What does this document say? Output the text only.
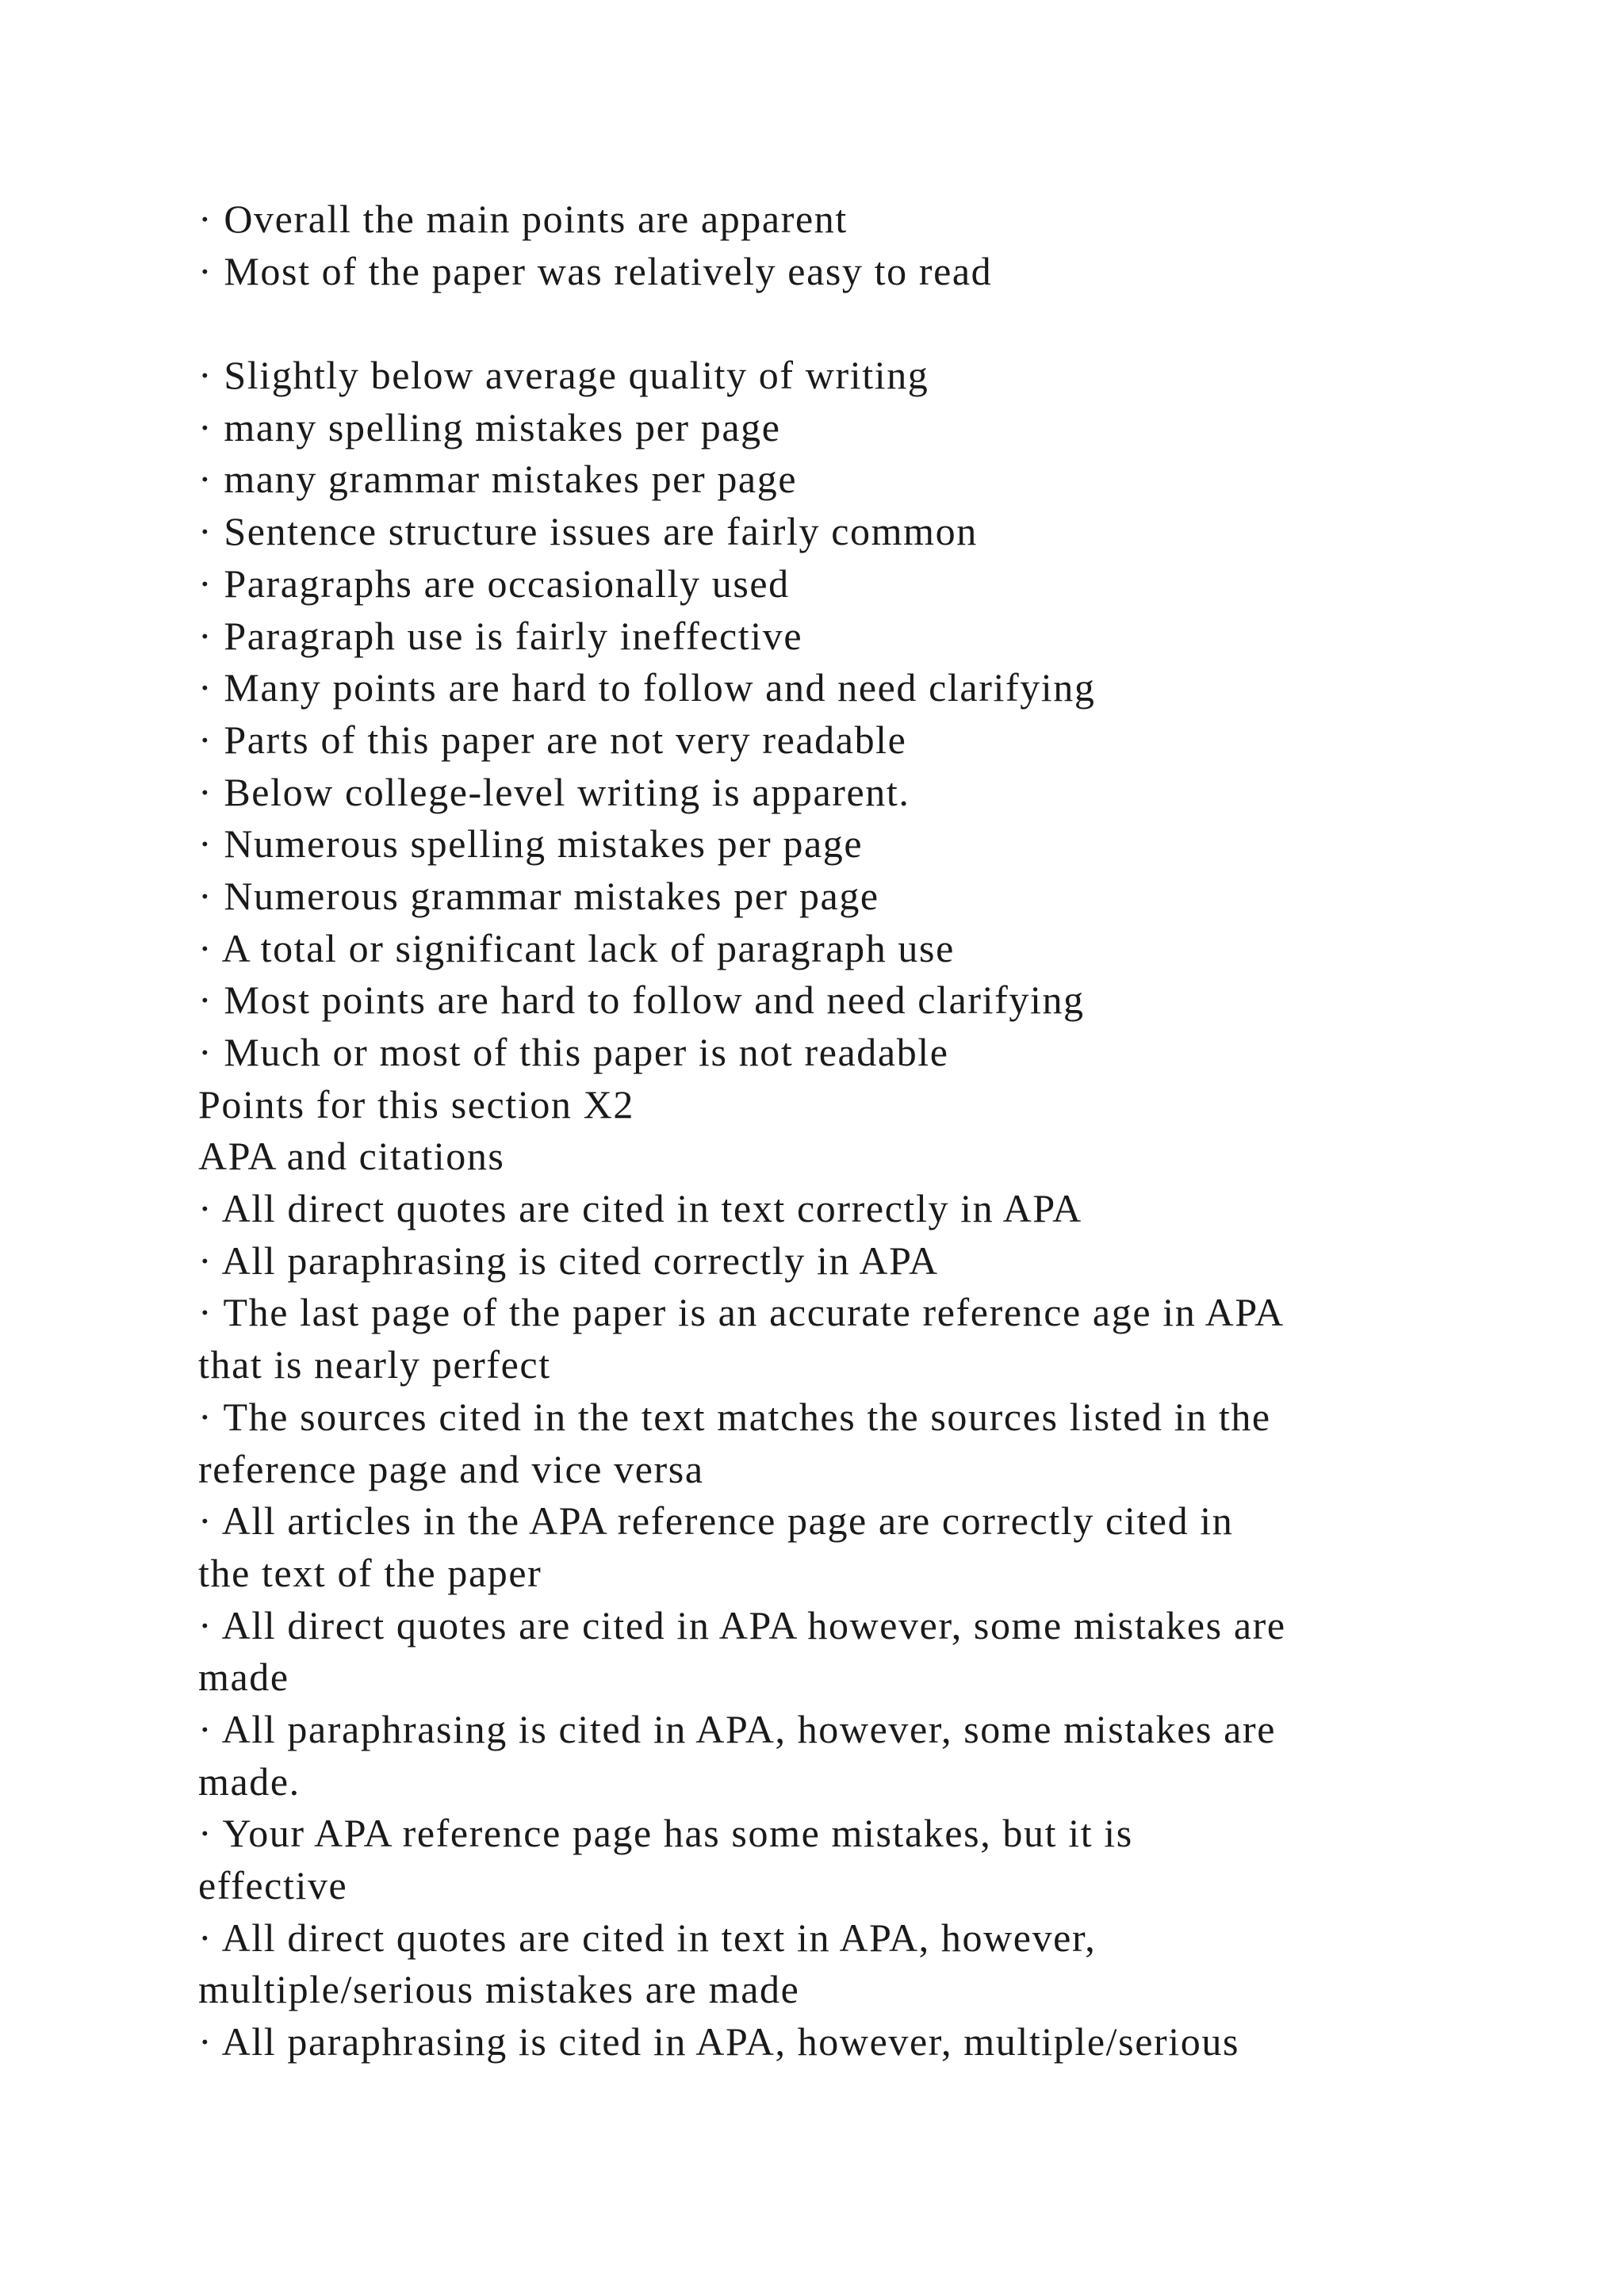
· Overall the main points are apparent
· Most of the paper was relatively easy to read
· Slightly below average quality of writing
· many spelling mistakes per page
· many grammar mistakes per page
· Sentence structure issues are fairly common
· Paragraphs are occasionally used
· Paragraph use is fairly ineffective
· Many points are hard to follow and need clarifying
· Parts of this paper are not very readable
· Below college-level writing is apparent.
· Numerous spelling mistakes per page
· Numerous grammar mistakes per page
· A total or significant lack of paragraph use
· Most points are hard to follow and need clarifying
· Much or most of this paper is not readable
Points for this section X2
APA and citations
· All direct quotes are cited in text correctly in APA
· All paraphrasing is cited correctly in APA
· The last page of the paper is an accurate reference age in APA
that is nearly perfect
· The sources cited in the text matches the sources listed in the
reference page and vice versa
· All articles in the APA reference page are correctly cited in
the text of the paper
· All direct quotes are cited in APA however, some mistakes are
made
· All paraphrasing is cited in APA, however, some mistakes are
made.
· Your APA reference page has some mistakes, but it is
effective
· All direct quotes are cited in text in APA, however,
multiple/serious mistakes are made
· All paraphrasing is cited in APA, however, multiple/serious
